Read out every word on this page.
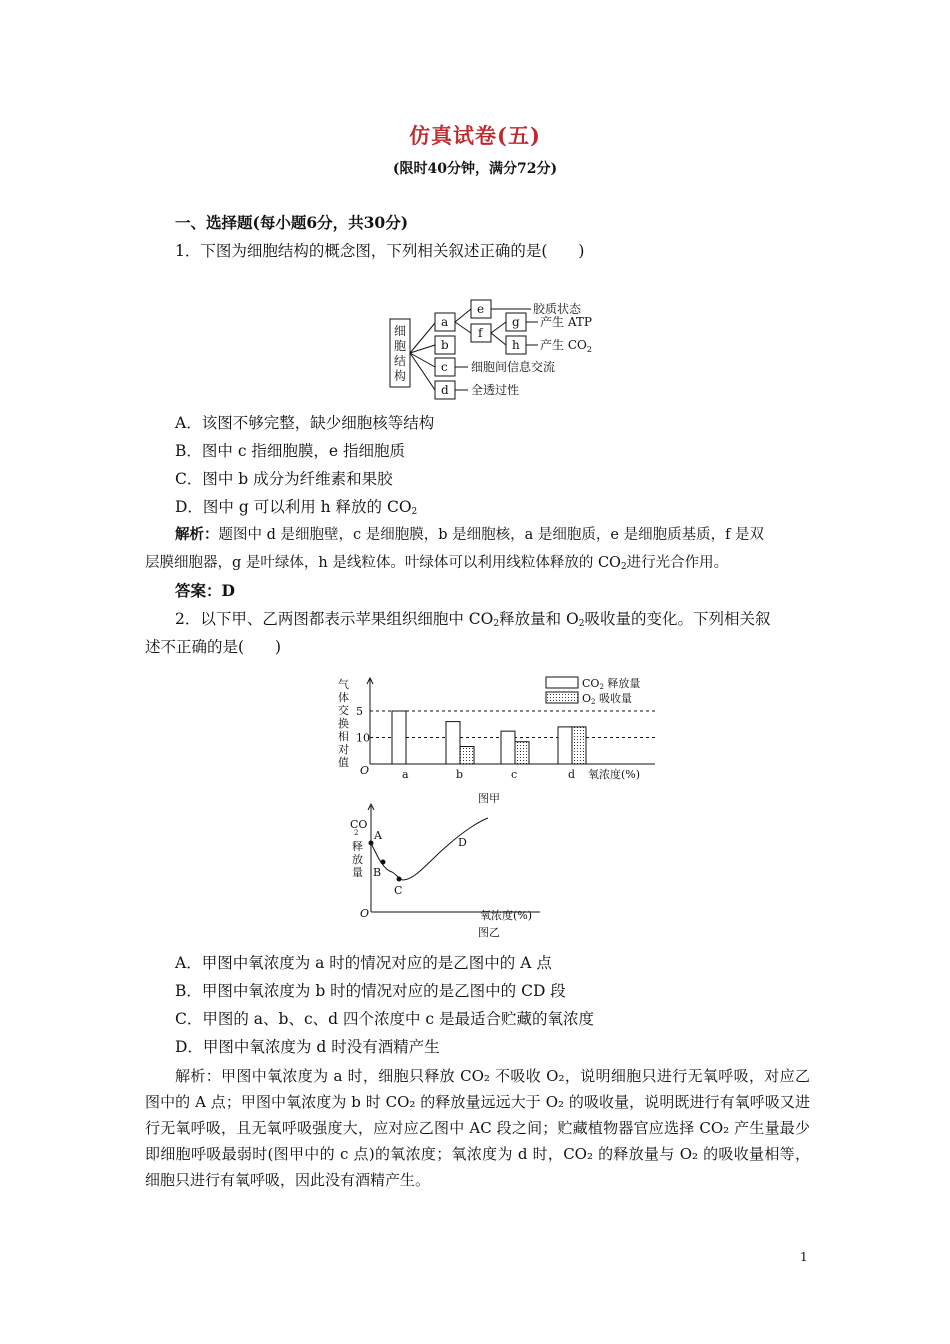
仿真试卷(五)
(限时40分钟，满分72分)
一、选择题(每小题6分，共30分)
1．下图为细胞结构的概念图，下列相关叙述正确的是(　　)
细
胞
结
构
a
b
c
d
e
f
g
h
胶质状态
产生 ATP
产生 $CO_2$
细胞间信息交流
全透过性
A．该图不够完整，缺少细胞核等结构
B．图中 c 指细胞膜，e 指细胞质
C．图中 b 成分为纤维素和果胶
D．图中 g 可以利用 h 释放的 $CO_2$
解析：题图中 d 是细胞壁，c 是细胞膜，b 是细胞核，a 是细胞质，e 是细胞质基质，f 是双
层膜细胞器，g 是叶绿体，h 是线粒体。叶绿体可以利用线粒体释放的 $CO_2$进行光合作用。
答案：D
2．以下甲、乙两图都表示苹果组织细胞中 $CO_2$释放量和 $O_2$吸收量的变化。下列相关叙
述不正确的是(　　)
气
体
交
换
相
对
值
10
5
O	a	b	c	d 氧浓度(%)
CO2 释放量
O2 吸收量
图甲
CO
2
释
放
量
O
A
B
C
D
氧浓度(%)
图乙
A．甲图中氧浓度为 a 时的情况对应的是乙图中的 A 点
B．甲图中氧浓度为 b 时的情况对应的是乙图中的 CD 段
C．甲图的 a、b、c、d 四个浓度中 c 是最适合贮藏的氧浓度
D．甲图中氧浓度为 d 时没有酒精产生
解析：甲图中氧浓度为 a 时，细胞只释放 CO₂ 不吸收 O₂，说明细胞只进行无氧呼吸，对应乙图中的 A 点；甲图中氧浓度为 b 时 CO₂ 的释放量远远大于 O₂ 的吸收量，说明既进行有氧呼吸又进行无氧呼吸，且无氧呼吸强度大，应对应乙图中 AC 段之间；贮藏植物器官应选择 CO₂ 产生量最少即细胞呼吸最弱时(图甲中的 c 点)的氧浓度；氧浓度为 d 时，CO₂ 的释放量与 O₂ 的吸收量相等，细胞只进行有氧呼吸，因此没有酒精产生。
1
